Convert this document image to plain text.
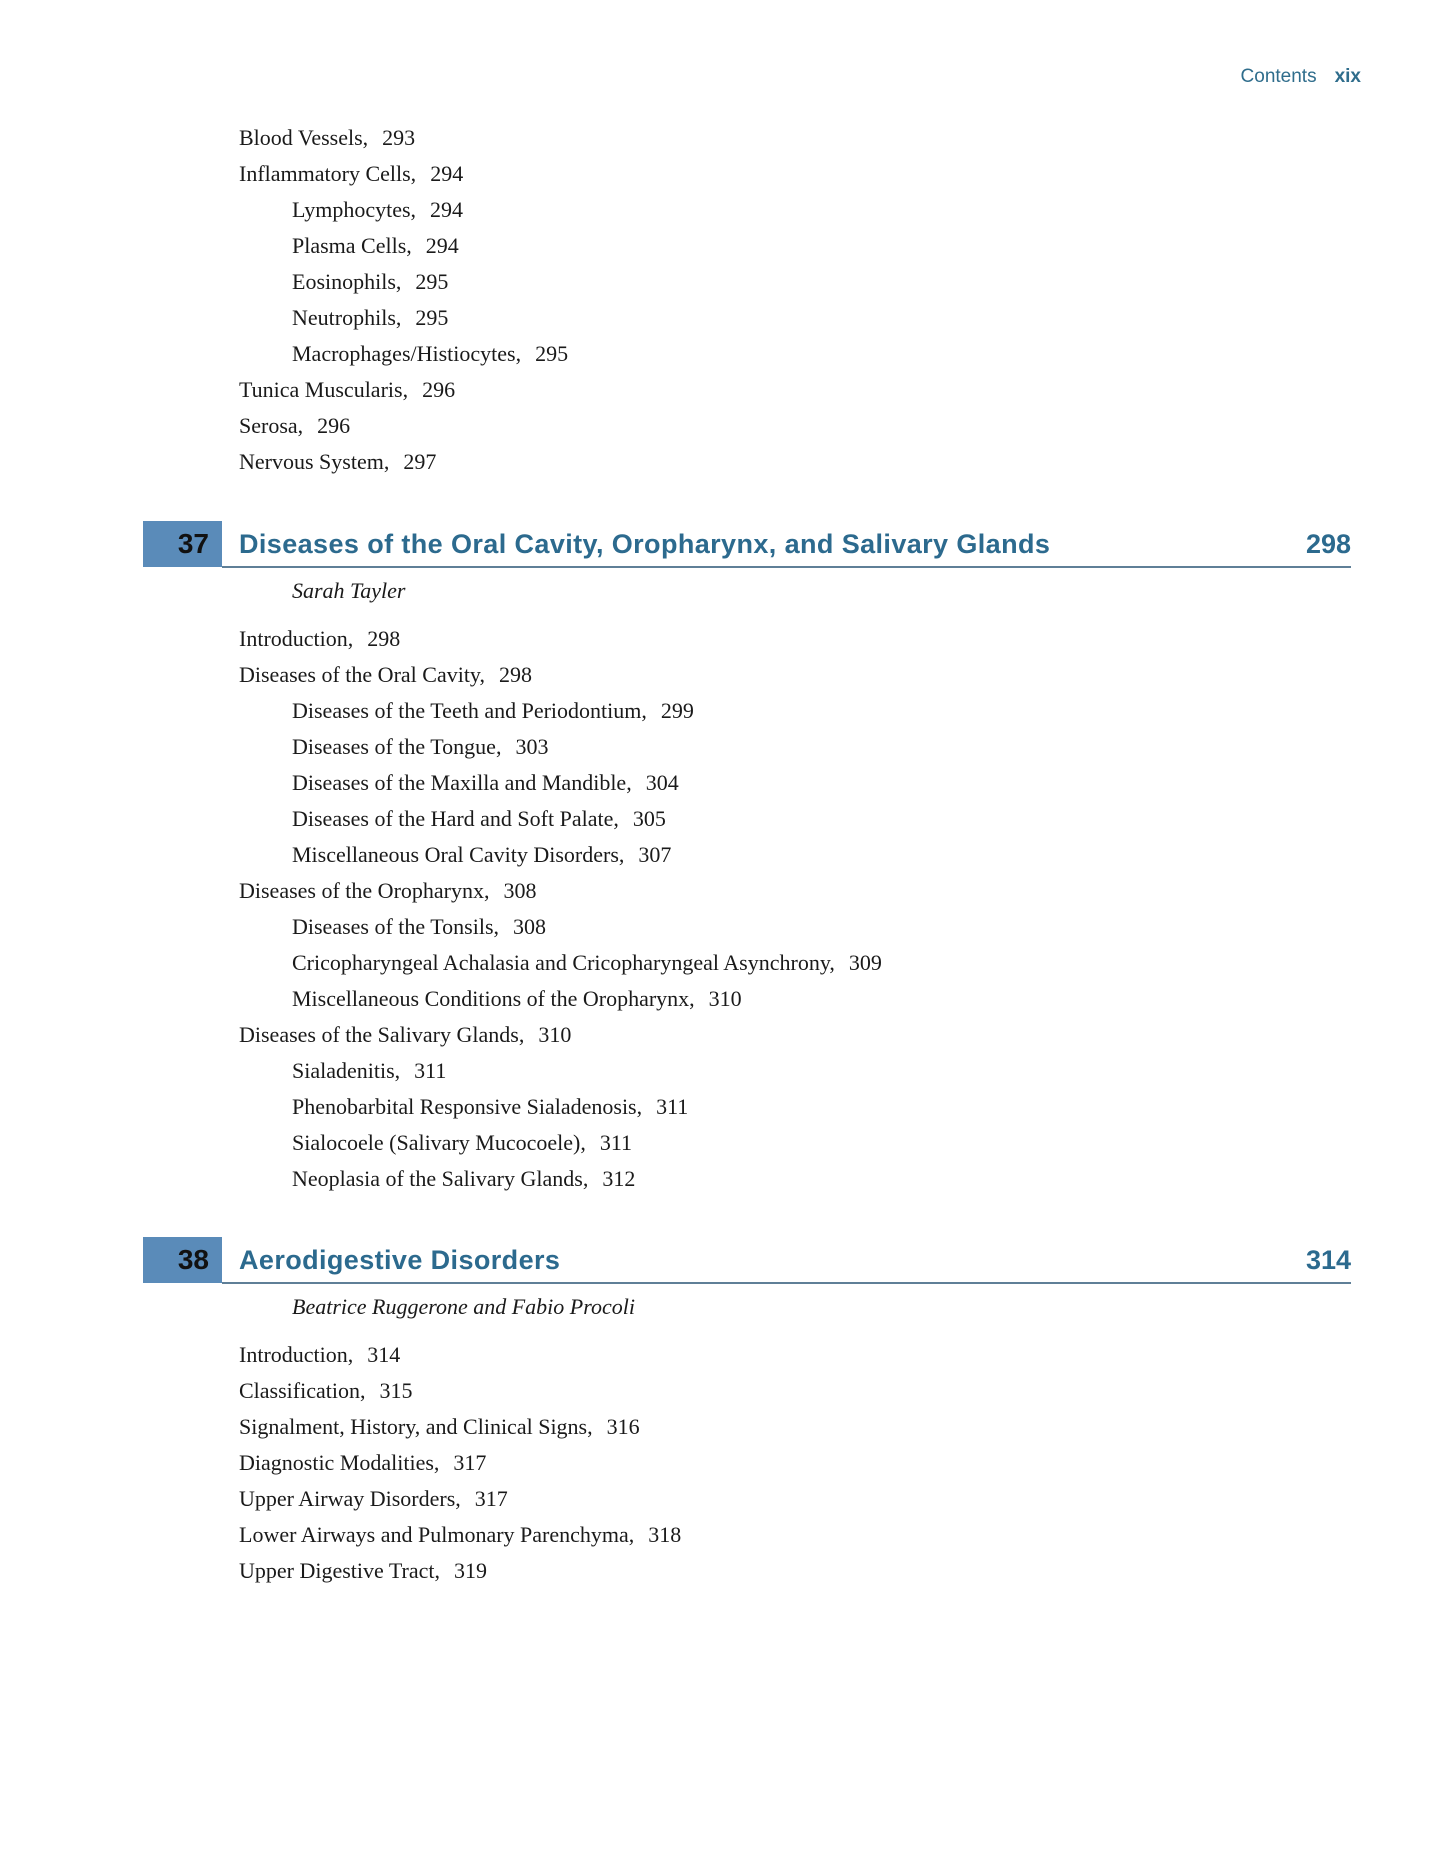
Contents xix
Blood Vessels, 293
Inflammatory Cells, 294
Lymphocytes, 294
Plasma Cells, 294
Eosinophils, 295
Neutrophils, 295
Macrophages/Histiocytes, 295
Tunica Muscularis, 296
Serosa, 296
Nervous System, 297
37	Diseases of the Oral Cavity, Oropharynx, and Salivary Glands	298
Sarah Tayler
Introduction, 298
Diseases of the Oral Cavity, 298
Diseases of the Teeth and Periodontium, 299
Diseases of the Tongue, 303
Diseases of the Maxilla and Mandible, 304
Diseases of the Hard and Soft Palate, 305
Miscellaneous Oral Cavity Disorders, 307
Diseases of the Oropharynx, 308
Diseases of the Tonsils, 308
Cricopharyngeal Achalasia and Cricopharyngeal Asynchrony, 309
Miscellaneous Conditions of the Oropharynx, 310
Diseases of the Salivary Glands, 310
Sialadenitis, 311
Phenobarbital Responsive Sialadenosis, 311
Sialocoele (Salivary Mucocoele), 311
Neoplasia of the Salivary Glands, 312
38	Aerodigestive Disorders	314
Beatrice Ruggerone and Fabio Procoli
Introduction, 314
Classification, 315
Signalment, History, and Clinical Signs, 316
Diagnostic Modalities, 317
Upper Airway Disorders, 317
Lower Airways and Pulmonary Parenchyma, 318
Upper Digestive Tract, 319
